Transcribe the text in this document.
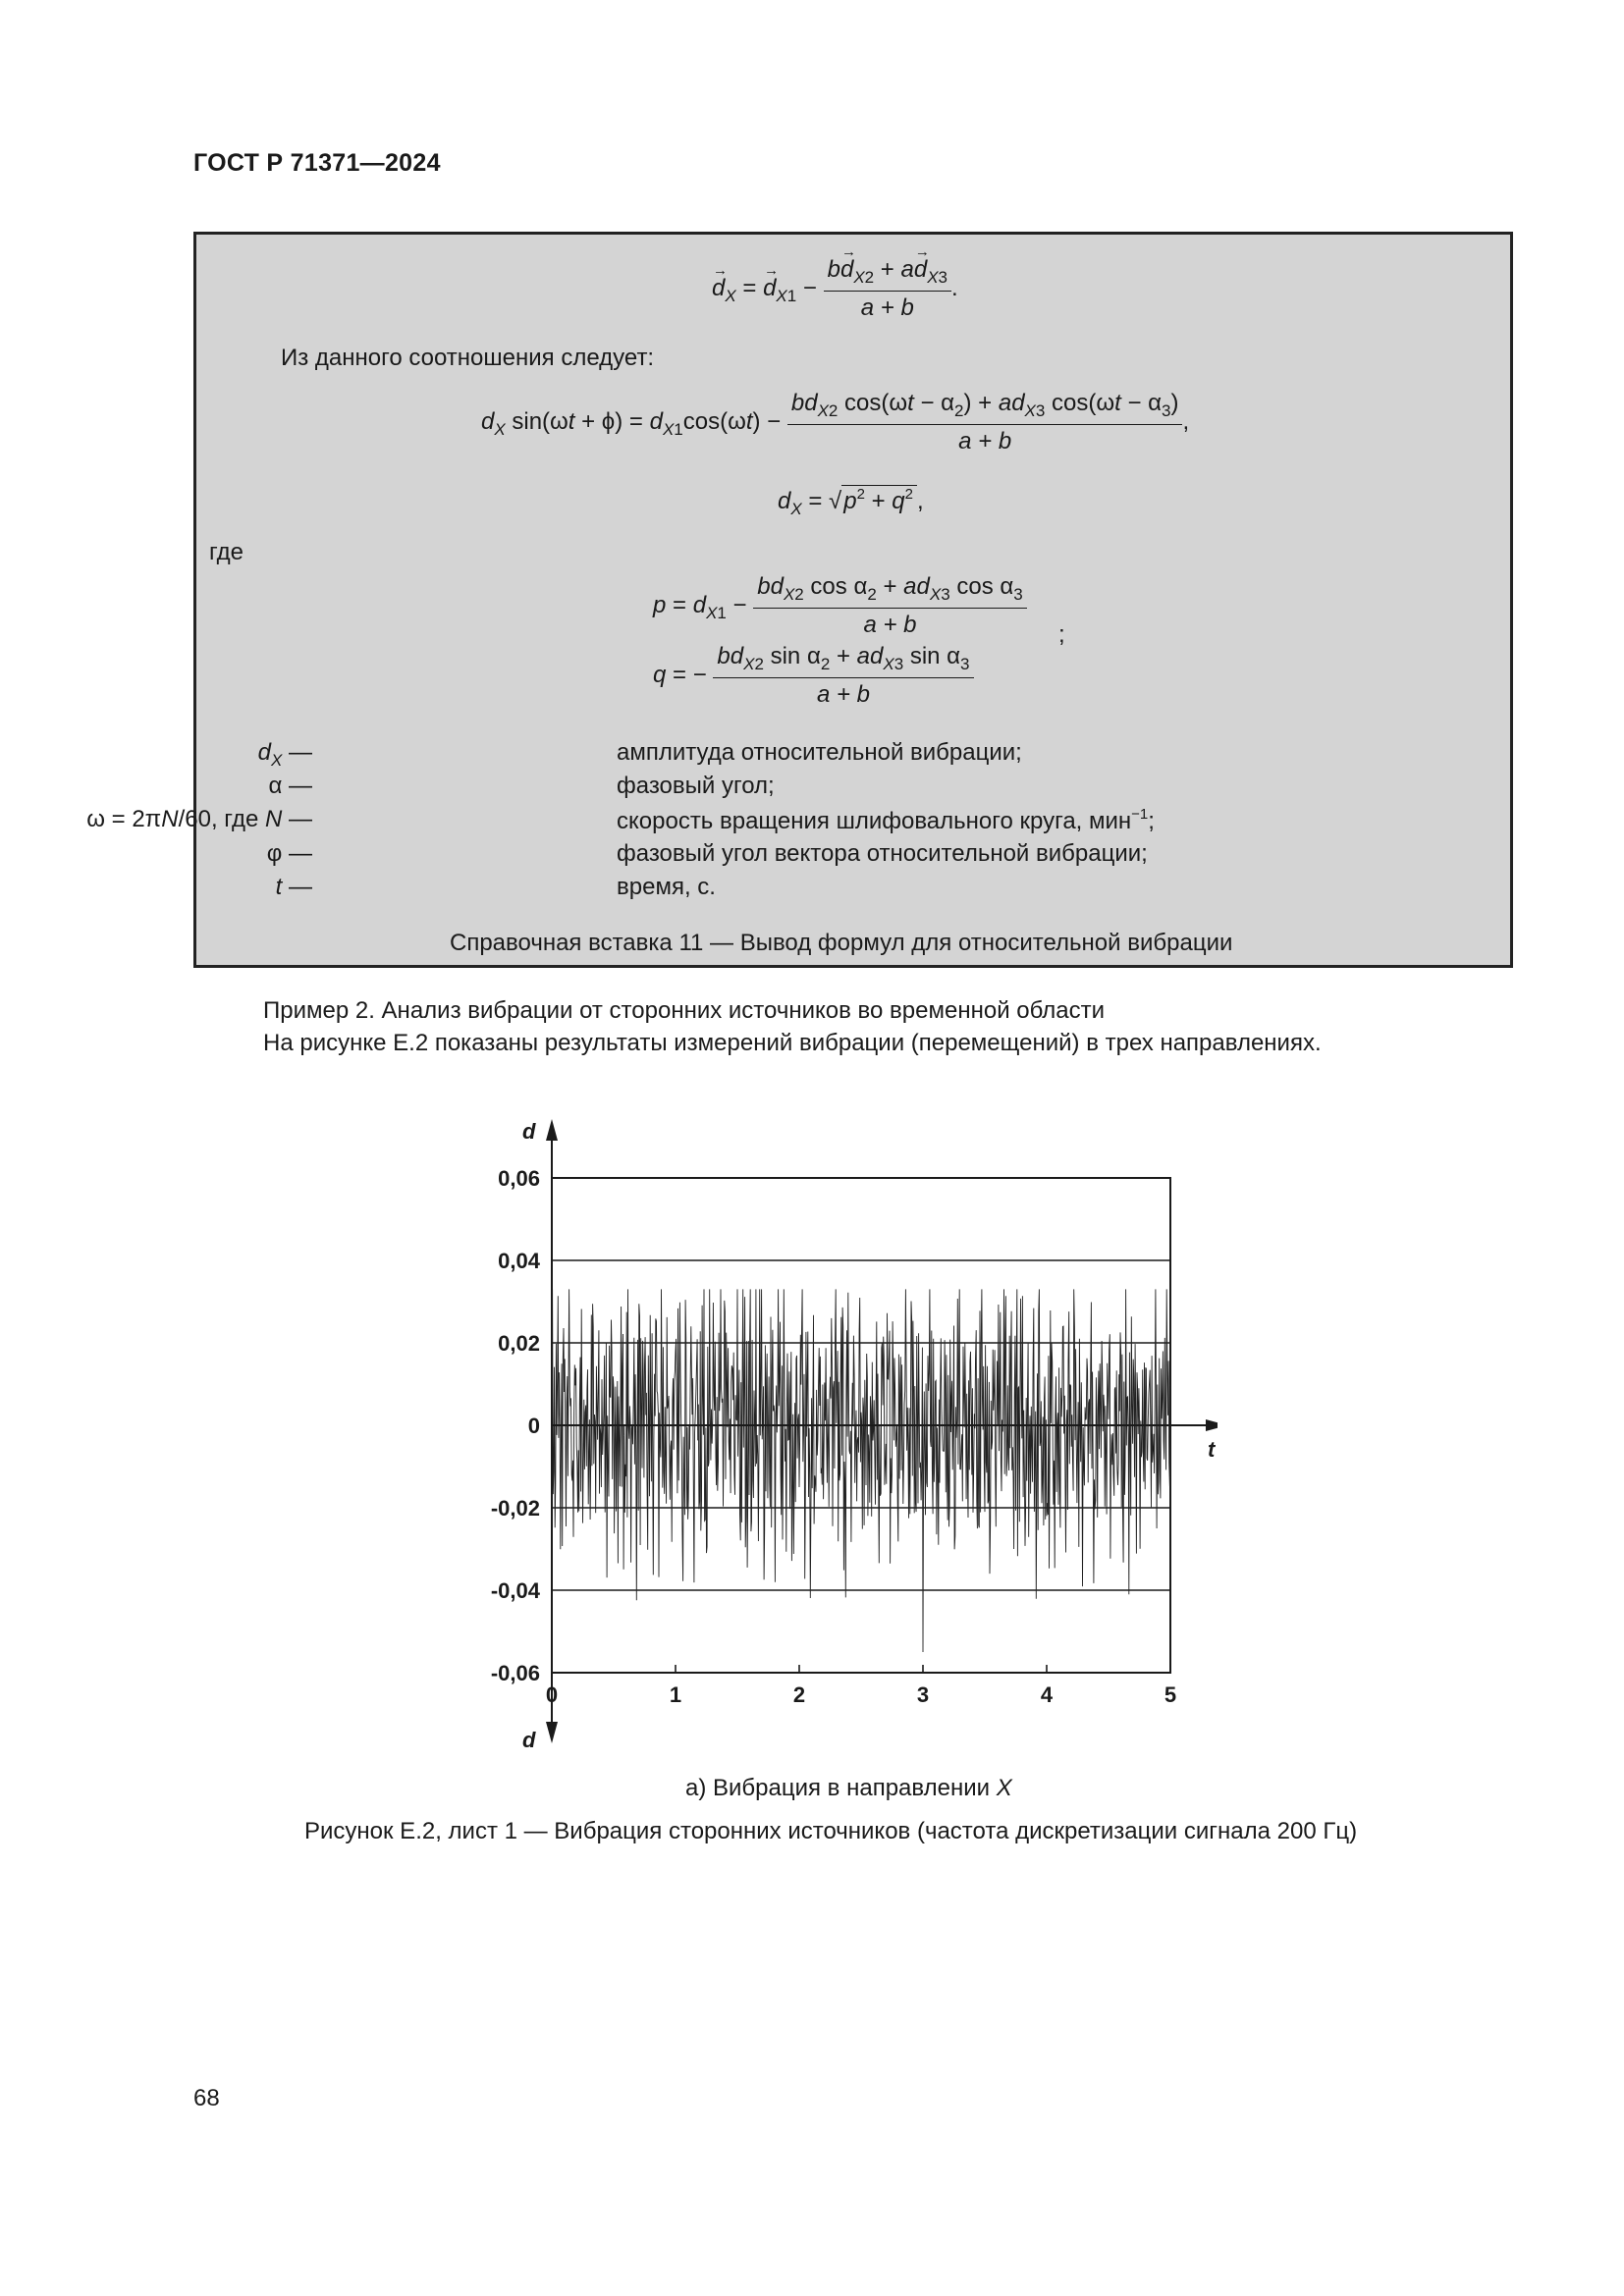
ГОСТ Р 71371—2024
→ $d_X$ = → $d_{X1} - \frac{b\to d_{X2} + a\to d_{X3}}{a + b}$ .
Из данного соотношения следует:
$d_X$ $\sin(\omega t + \phi) = d_{X1}\cos(\omega t) - \frac{bd_{X2} \cos(\omega t - \alpha_2) + ad_{X3} \cos(\omega t - \alpha_3)}{a + b}$ ,
$d_X = √p^2 + q^2$ ,
где
$p = d_{X1} - \frac{bd_{X2} \cos \alpha_2 + ad_{X3} \cos \alpha_3}{a + b}$ ;
q = − $\frac{bd_{X2} \sin \alpha_2 + ad_{X3} \sin \alpha_3}{a + b}$
$d_X$ —	амплитуда относительной вибрации;
α —	фазовый угол;
ω = 2πN/60, где N —	скорость вращения шлифовального круга, мин$^{-1}$;
φ —	фазовый угол вектора относительной вибрации;
t —	время, с.
Справочная вставка 11 — Вывод формул для относительной вибрации
Пример 2. Анализ вибрации от сторонних источников во временной области
На рисунке Е.2 показаны результаты измерений вибрации (перемещений) в трех направлениях.
t
d
d
0,06
0,04
0,02
0
-0,02
-0,04
-0,06
0	1	2	3	4	5
а) Вибрация в направлении X
Рисунок Е.2, лист 1 — Вибрация сторонних источников (частота дискретизации сигнала 200 Гц)
68
